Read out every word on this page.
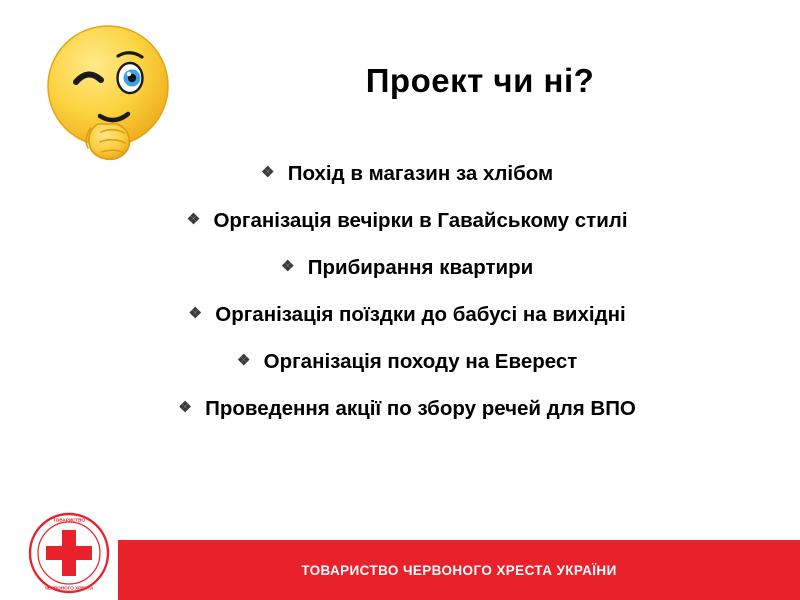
Проект чи ні?
❖ Похід в магазин за хлібом
❖ Організація вечірки в Гавайському стилі
❖ Прибирання квартири
❖ Організація поїздки до бабусі на вихідні
❖ Організація походу на Еверест
❖ Проведення акції по збору речей для ВПО
ТОВАРИСТВО ЧЕРВОНОГО ХРЕСТА УКРАЇНИ
ТОВАРИСТВО
ЧЕРВОНОГО ХРЕСТА
